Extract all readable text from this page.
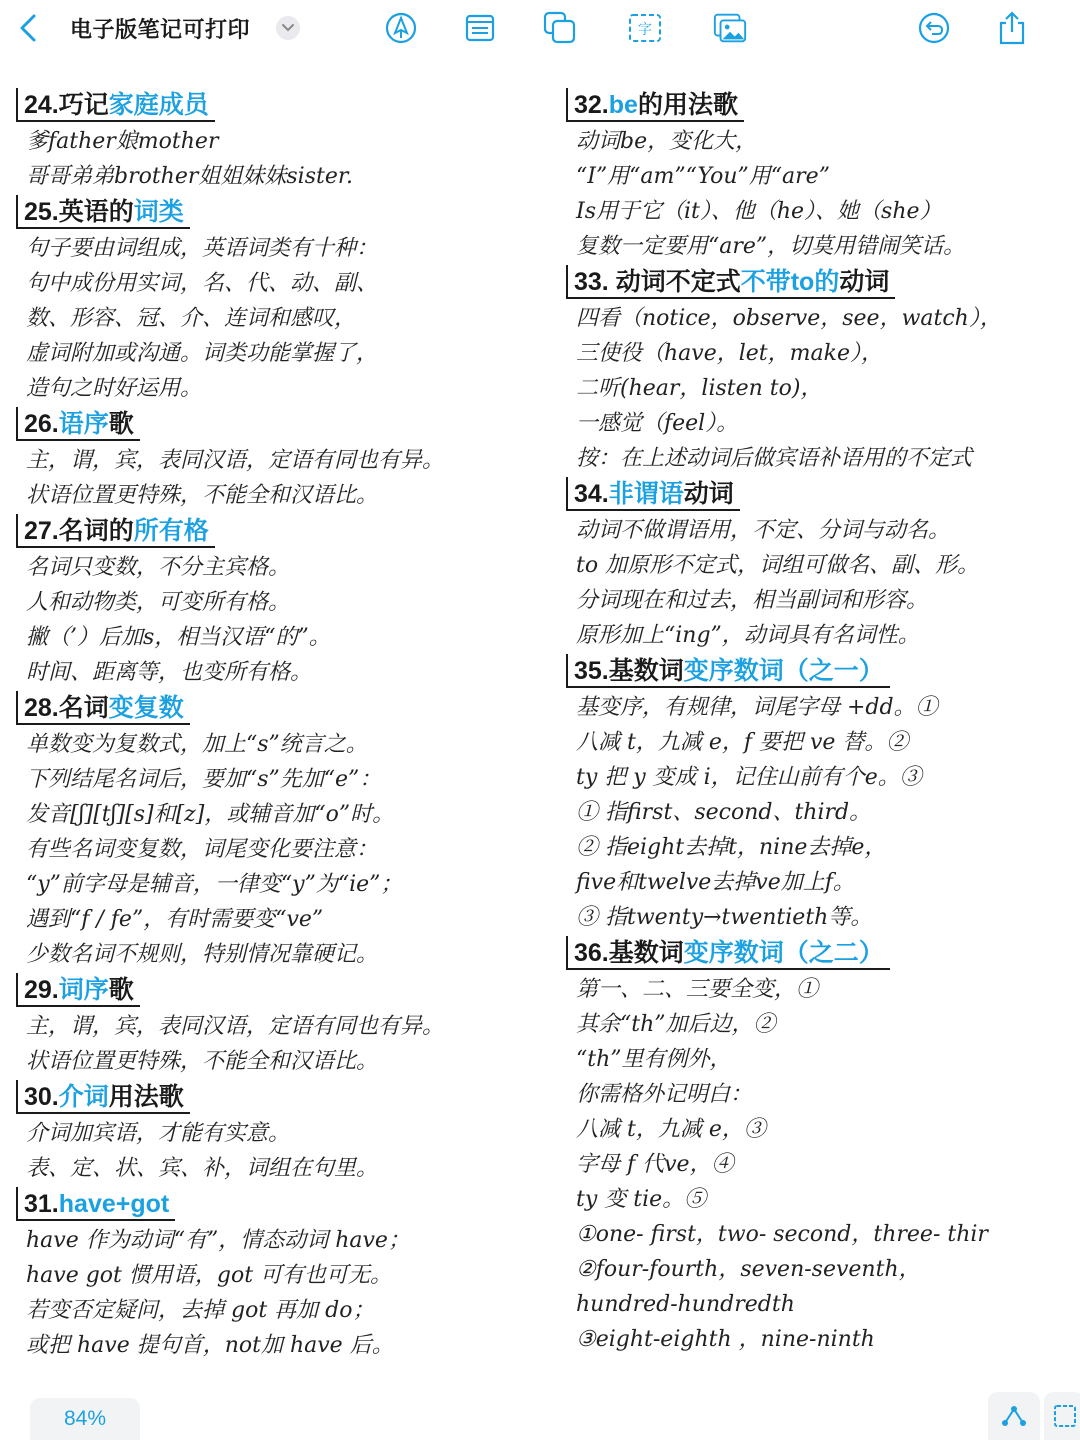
电子版笔记可打印	字
24.巧记家庭成员
爹father娘mother
哥哥弟弟brother姐姐妹妹sister.
25.英语的词类
句子要由词组成，英语词类有十种：
句中成份用实词，名、代、动、副、
数、形容、冠、介、连词和感叹，
虚词附加或沟通。词类功能掌握了，
造句之时好运用。
26.语序歌
主，谓，宾，表同汉语，定语有同也有异。
状语位置更特殊，不能全和汉语比。
27.名词的所有格
名词只变数，不分主宾格。
人和动物类，可变所有格。
撇（’）后加s，相当汉语“的”。
时间、距离等，也变所有格。
28.名词变复数
单数变为复数式，加上“s”统言之。
下列结尾名词后，要加“s”先加“e”：
发音[ʃ][tʃ][s]和[z]，或辅音加“o”时。
有些名词变复数，词尾变化要注意：
“y”前字母是辅音，一律变“y”为“ie”；
遇到“f / fe”，有时需要变“ve”
少数名词不规则，特别情况靠硬记。
29.词序歌
主，谓，宾，表同汉语，定语有同也有异。
状语位置更特殊，不能全和汉语比。
30.介词用法歌
介词加宾语，才能有实意。
表、定、状、宾、补，词组在句里。
31.have+got
have 作为动词“有”，情态动词 have；
have got 惯用语，got 可有也可无。
若变否定疑问，去掉 got 再加 do；
或把 have 提句首，not加 have 后。
32.be的用法歌
动词be，变化大，
“I”用“am”“You”用“are”
Is用于它（it）、他（he）、她（she）
复数一定要用“are”，切莫用错闹笑话。
33. 动词不定式不带to的动词
四看（notice，observe，see，watch），
三使役（have，let，make），
二听(hear，listen to)，
一感觉（feel）。
按：在上述动词后做宾语补语用的不定式
34.非谓语动词
动词不做谓语用，不定、分词与动名。
to 加原形不定式，词组可做名、副、形。
分词现在和过去，相当副词和形容。
原形加上“ing”，动词具有名词性。
35.基数词变序数词（之一）
基变序，有规律，词尾字母 +dd。①
八减 t，九减 e，f 要把 ve 替。②
ty 把 y 变成 i，记住山前有个e。③
① 指first、second、third。
② 指eight去掉t，nine去掉e，
five和twelve去掉ve加上f。
③ 指twenty→twentieth等。
36.基数词变序数词（之二）
第一、二、三要全变，①
其余“th”加后边，②
“th”里有例外，
你需格外记明白：
八减 t，九减 e，③
字母 f 代ve，④
ty 变 tie。⑤
①one- first，two- second，three- thir
②four-fourth，seven-seventh，
hundred-hundredth
③eight-eighth ，nine-ninth
84%
